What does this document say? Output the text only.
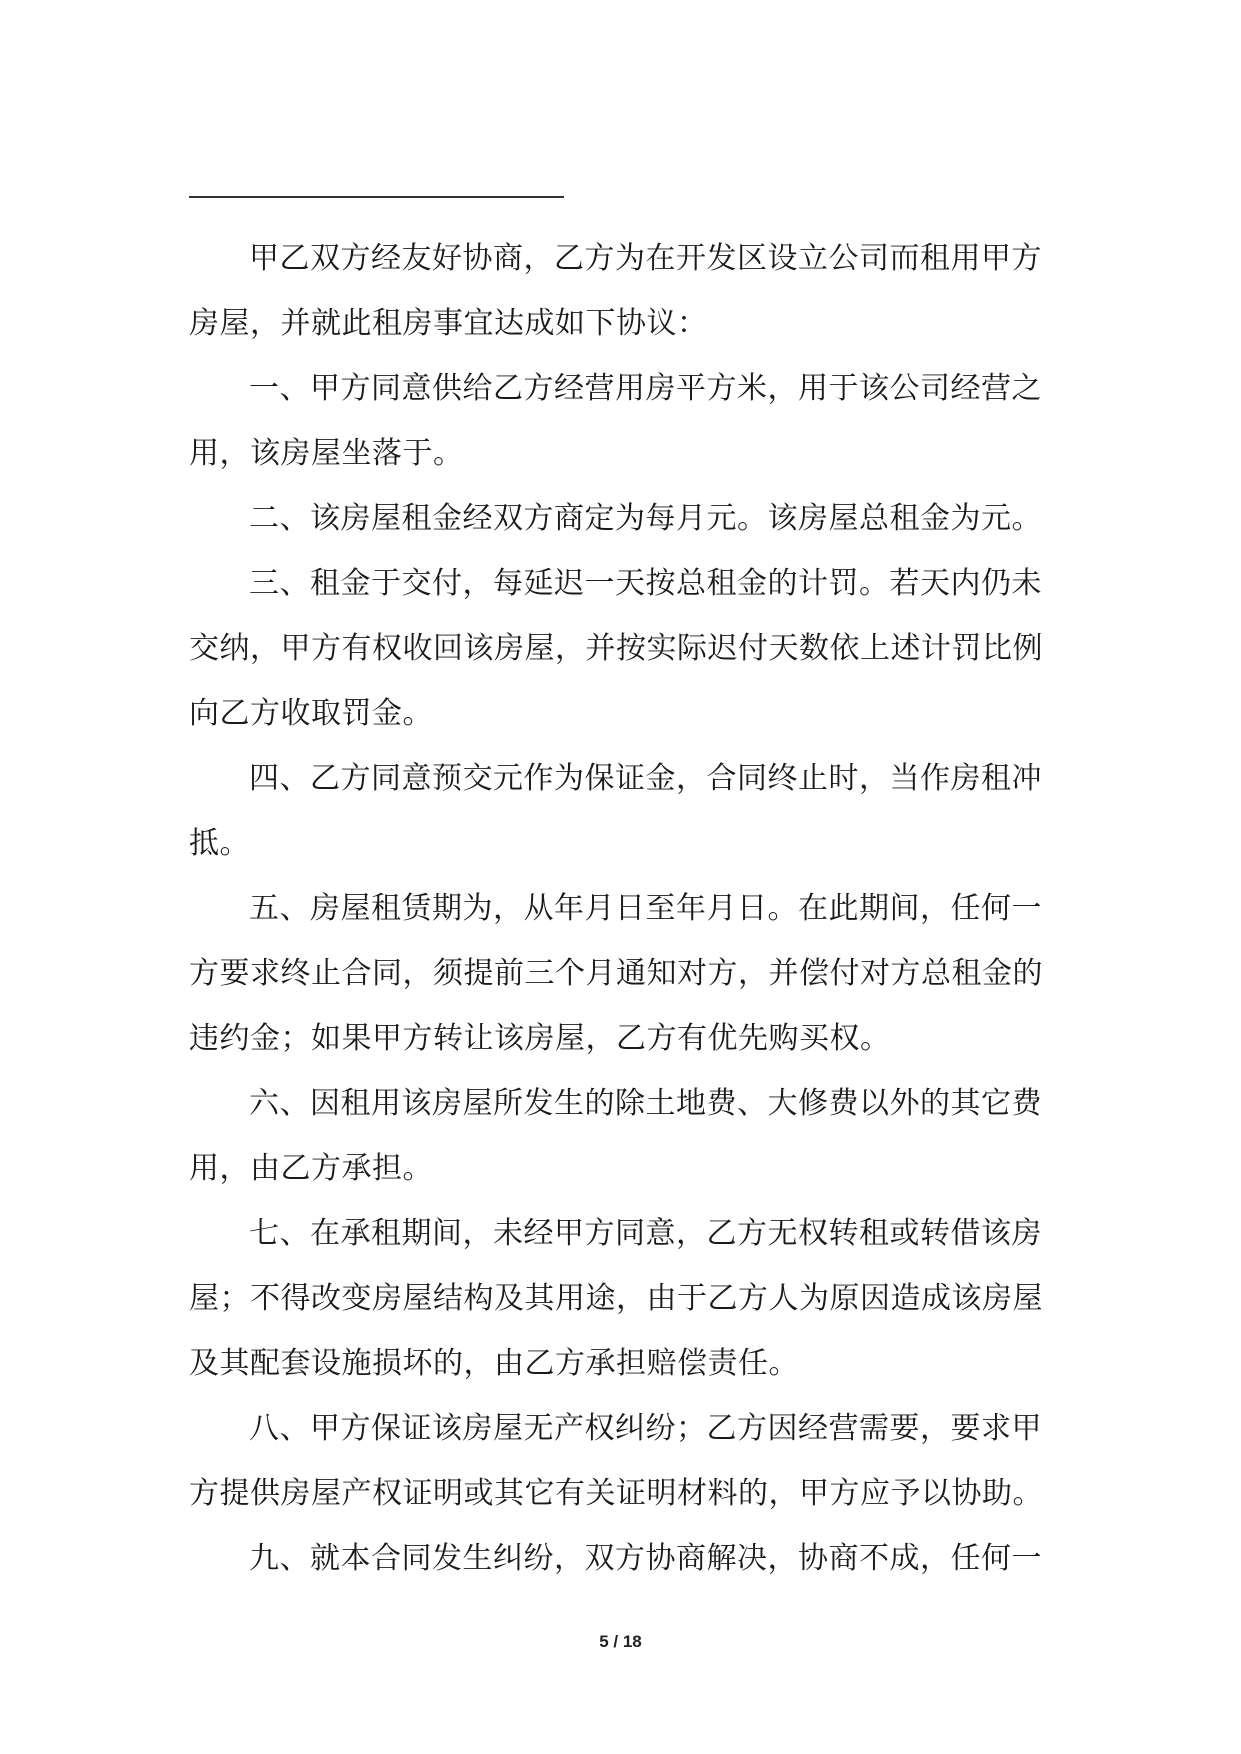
甲乙双方经友好协商，乙方为在开发区设立公司而租用甲方房屋，并就此租房事宜达成如下协议：

一、甲方同意供给乙方经营用房平方米，用于该公司经营之用，该房屋坐落于。

二、该房屋租金经双方商定为每月元。该房屋总租金为元。

三、租金于交付，每延迟一天按总租金的计罚。若天内仍未交纳，甲方有权收回该房屋，并按实际迟付天数依上述计罚比例向乙方收取罚金。

四、乙方同意预交元作为保证金，合同终止时，当作房租冲抵。

五、房屋租赁期为，从年月日至年月日。在此期间，任何一方要求终止合同，须提前三个月通知对方，并偿付对方总租金的违约金；如果甲方转让该房屋，乙方有优先购买权。

六、因租用该房屋所发生的除土地费、大修费以外的其它费用，由乙方承担。

七、在承租期间，未经甲方同意，乙方无权转租或转借该房屋；不得改变房屋结构及其用途，由于乙方人为原因造成该房屋及其配套设施损坏的，由乙方承担赔偿责任。

八、甲方保证该房屋无产权纠纷；乙方因经营需要，要求甲方提供房屋产权证明或其它有关证明材料的，甲方应予以协助。

九、就本合同发生纠纷，双方协商解决，协商不成，任何一

5 / 18
